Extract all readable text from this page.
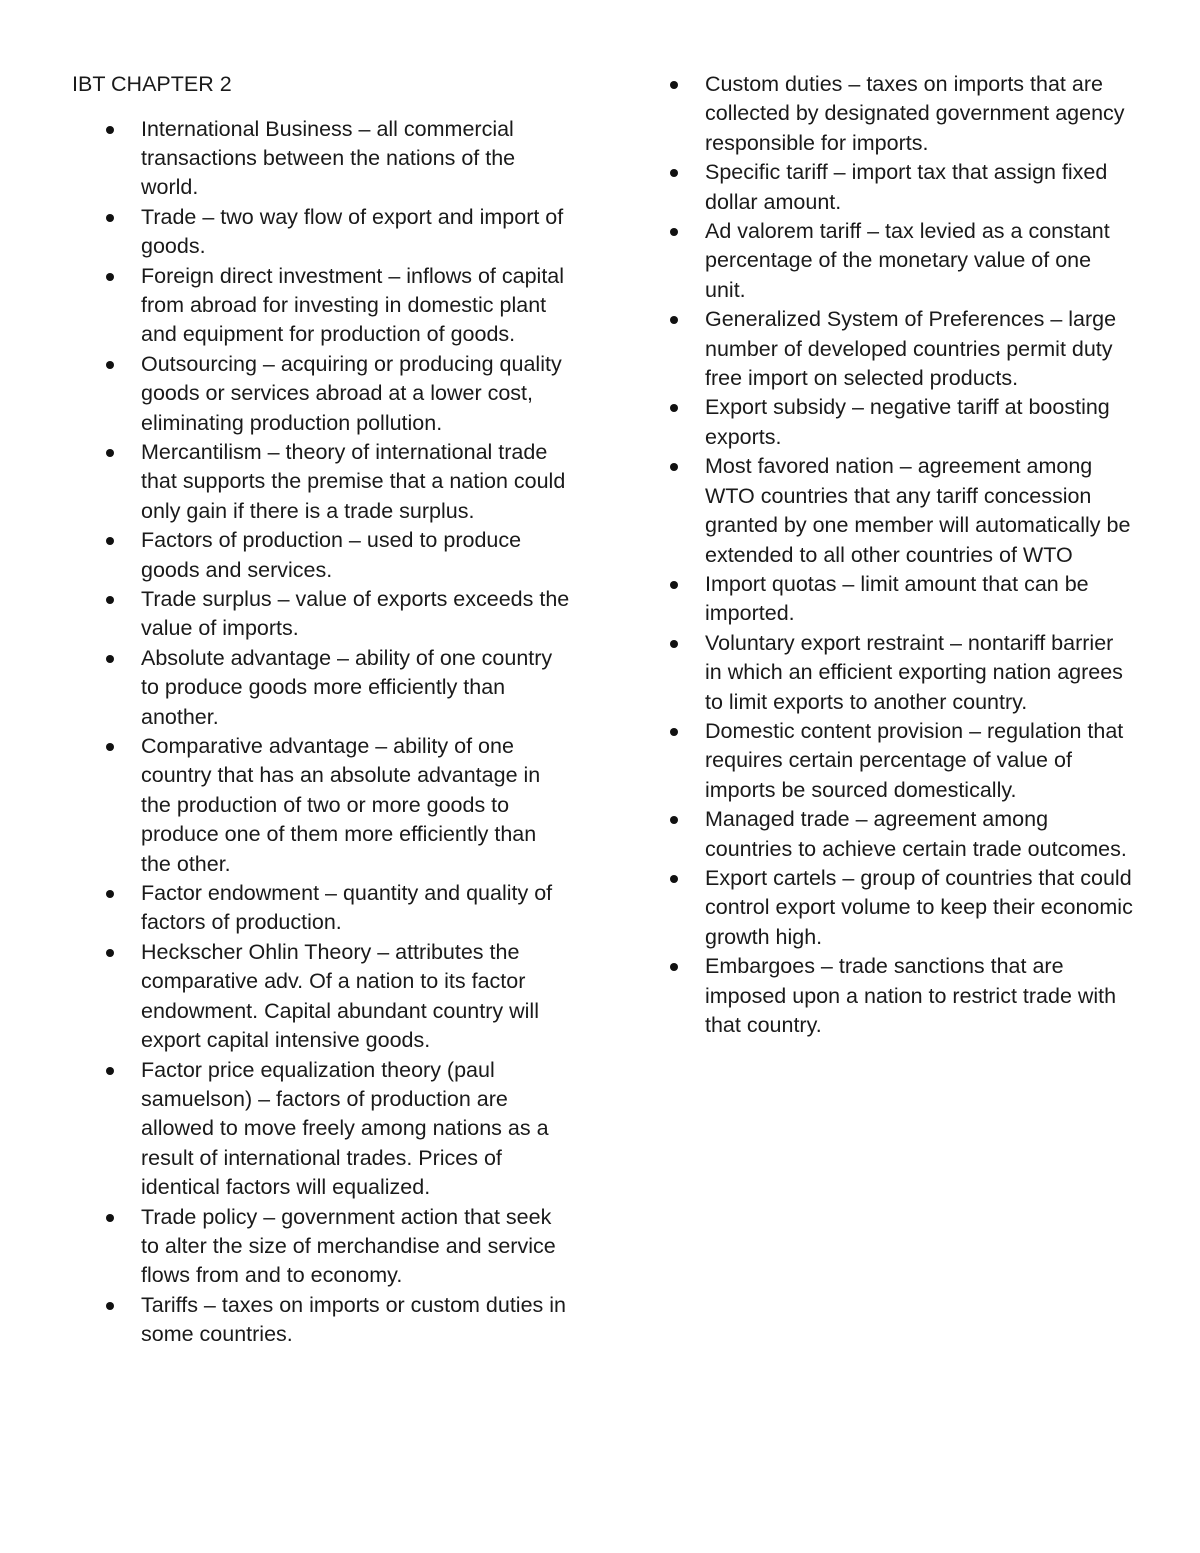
IBT CHAPTER 2
International Business – all commercial transactions between the nations of the world.
Trade – two way flow of export and import of goods.
Foreign direct investment – inflows of capital from abroad for investing in domestic plant and equipment for production of goods.
Outsourcing – acquiring or producing quality goods or services abroad at a lower cost, eliminating production pollution.
Mercantilism – theory of international trade that supports the premise that a nation could only gain if there is a trade surplus.
Factors of production – used to produce goods and services.
Trade surplus – value of exports exceeds the value of imports.
Absolute advantage – ability of one country to produce goods more efficiently than another.
Comparative advantage – ability of one country that has an absolute advantage in the production of two or more goods to produce one of them more efficiently than the other.
Factor endowment – quantity and quality of factors of production.
Heckscher Ohlin Theory – attributes the comparative adv. Of a nation to its factor endowment. Capital abundant country will export capital intensive goods.
Factor price equalization theory (paul samuelson) – factors of production are allowed to move freely among nations as a result of international trades. Prices of identical factors will equalized.
Trade policy – government action that seek to alter the size of merchandise and service flows from and to economy.
Tariffs – taxes on imports or custom duties in some countries.
Custom duties – taxes on imports that are collected by designated government agency responsible for imports.
Specific tariff – import tax that assign fixed dollar amount.
Ad valorem tariff – tax levied as a constant percentage of the monetary value of one unit.
Generalized System of Preferences – large number of developed countries permit duty free import on selected products.
Export subsidy – negative tariff at boosting exports.
Most favored nation – agreement among WTO countries that any tariff concession granted by one member will automatically be extended to all other countries of WTO
Import quotas – limit amount that can be imported.
Voluntary export restraint – nontariff barrier in which an efficient exporting nation agrees to limit exports to another country.
Domestic content provision – regulation that requires certain percentage of value of imports be sourced domestically.
Managed trade – agreement among countries to achieve certain trade outcomes.
Export cartels – group of countries that could control export volume to keep their economic growth high.
Embargoes – trade sanctions that are imposed upon a nation to restrict trade with that country.
